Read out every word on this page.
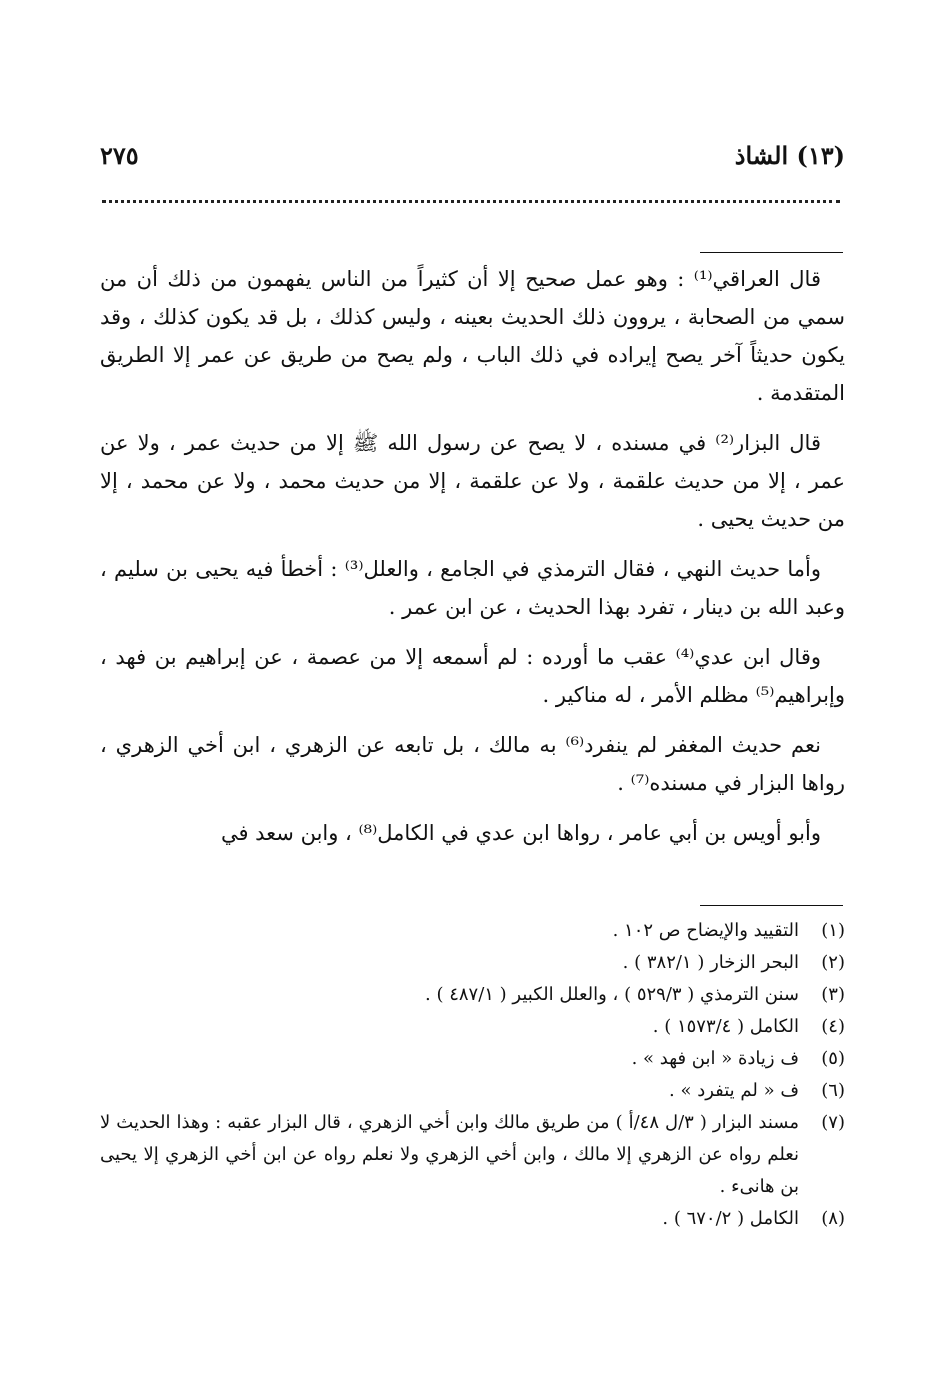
(١٣) الشاذ
٢٧٥

قال العراقي⁽¹⁾ : وهو عمل صحيح إلا أن كثيراً من الناس يفهمون من ذلك أن من سمي من الصحابة ، يروون ذلك الحديث بعينه ، وليس كذلك ، بل قد يكون كذلك ، وقد يكون حديثاً آخر يصح إيراده في ذلك الباب ، ولم يصح من طريق عن عمر إلا الطريق المتقدمة .

قال البزار⁽²⁾ في مسنده ، لا يصح عن رسول الله ﷺ إلا من حديث عمر ، ولا عن عمر ، إلا من حديث علقمة ، ولا عن علقمة ، إلا من حديث محمد ، ولا عن محمد ، إلا من حديث يحيى .

وأما حديث النهي ، فقال الترمذي في الجامع ، والعلل⁽³⁾ : أخطأ فيه يحيى بن سليم ، وعبد الله بن دينار ، تفرد بهذا الحديث ، عن ابن عمر .

وقال ابن عدي⁽⁴⁾ عقب ما أورده : لم أسمعه إلا من عصمة ، عن إبراهيم بن فهد ، وإبراهيم⁽⁵⁾ مظلم الأمر ، له مناكير .

نعم حديث المغفر لم ينفرد⁽⁶⁾ به مالك ، بل تابعه عن الزهري ، ابن أخي الزهري ، رواها البزار في مسنده⁽⁷⁾ .

وأبو أويس بن أبي عامر ، رواها ابن عدي في الكامل⁽⁸⁾ ، وابن سعد في

(١)
التقييد والإيضاح ص ١٠٢ .
(٢)
البحر الزخار ( ٣٨٢/١ ) .
(٣)
سنن الترمذي ( ٥٢٩/٣ ) ، والعلل الكبير ( ٤٨٧/١ ) .
(٤)
الكامل ( ١٥٧٣/٤ ) .
(٥)
ف زيادة « ابن فهد » .
(٦)
ف « لم يتفرد » .
(٧)
مسند البزار ( ٣/ل ٤٨/أ ) من طريق مالك وابن أخي الزهري ، قال البزار عقبه : وهذا الحديث لا نعلم رواه عن الزهري إلا مالك ، وابن أخي الزهري ولا نعلم رواه عن ابن أخي الزهري إلا يحيى بن هانىء .
(٨)
الكامل ( ٦٧٠/٢ ) .
